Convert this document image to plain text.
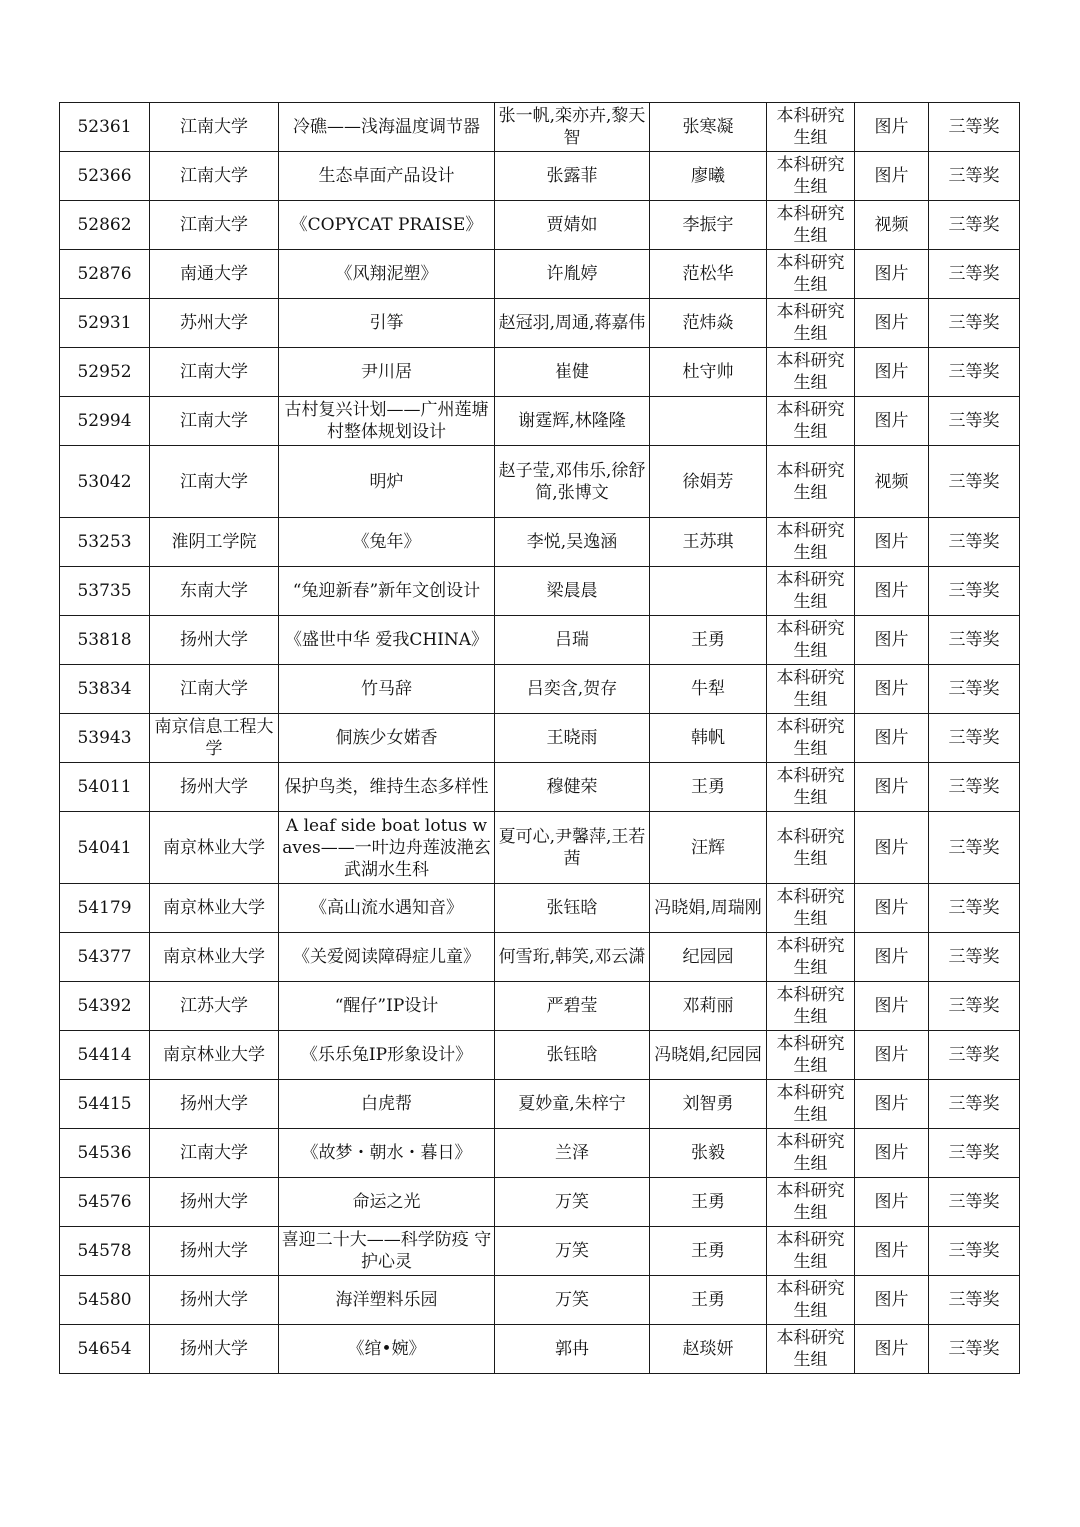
52361	江南大学	冷礁——浅海温度调节器	张一帆,栾亦卉,黎天智	张寒凝	本科研究生组	图片	三等奖
52366	江南大学	生态卓面产品设计	张露菲	廖曦	本科研究生组	图片	三等奖
52862	江南大学	《COPYCAT PRAISE》	贾婧如	李振宇	本科研究生组	视频	三等奖
52876	南通大学	《风翔泥塑》	许胤婷	范松华	本科研究生组	图片	三等奖
52931	苏州大学	引筝	赵冠羽,周通,蒋嘉伟	范炜焱	本科研究生组	图片	三等奖
52952	江南大学	尹川居	崔健	杜守帅	本科研究生组	图片	三等奖
52994	江南大学	古村复兴计划——广州莲塘村整体规划设计	谢霆辉,林隆隆		本科研究生组	图片	三等奖
53042	江南大学	明炉	赵子莹,邓伟乐,徐舒简,张博文	徐娟芳	本科研究生组	视频	三等奖
53253	淮阴工学院	《兔年》	李悦,吴逸涵	王苏琪	本科研究生组	图片	三等奖
53735	东南大学	“兔迎新春”新年文创设计	梁晨晨		本科研究生组	图片	三等奖
53818	扬州大学	《盛世中华 爱我CHINA》	吕瑞	王勇	本科研究生组	图片	三等奖
53834	江南大学	竹马辞	吕奕含,贺存	牛犁	本科研究生组	图片	三等奖
53943	南京信息工程大学	侗族少女婼香	王晓雨	韩帆	本科研究生组	图片	三等奖
54011	扬州大学	保护鸟类，维持生态多样性	穆健荣	王勇	本科研究生组	图片	三等奖
54041	南京林业大学	A leaf side boat lotus waves——一叶边舟莲波滟玄武湖水生科	夏可心,尹馨萍,王若茜	汪辉	本科研究生组	图片	三等奖
54179	南京林业大学	《高山流水遇知音》	张钰晗	冯晓娟,周瑞刚	本科研究生组	图片	三等奖
54377	南京林业大学	《关爱阅读障碍症儿童》	何雪珩,韩笑,邓云潇	纪园园	本科研究生组	图片	三等奖
54392	江苏大学	“醒仔”IP设计	严碧莹	邓莉丽	本科研究生组	图片	三等奖
54414	南京林业大学	《乐乐兔IP形象设计》	张钰晗	冯晓娟,纪园园	本科研究生组	图片	三等奖
54415	扬州大学	白虎帮	夏妙童,朱梓宁	刘智勇	本科研究生组	图片	三等奖
54536	江南大学	《故梦・朝水・暮日》	兰泽	张毅	本科研究生组	图片	三等奖
54576	扬州大学	命运之光	万笑	王勇	本科研究生组	图片	三等奖
54578	扬州大学	喜迎二十大——科学防疫 守护心灵	万笑	王勇	本科研究生组	图片	三等奖
54580	扬州大学	海洋塑料乐园	万笑	王勇	本科研究生组	图片	三等奖
54654	扬州大学	《绾•婉》	郭冉	赵琰妍	本科研究生组	图片	三等奖
